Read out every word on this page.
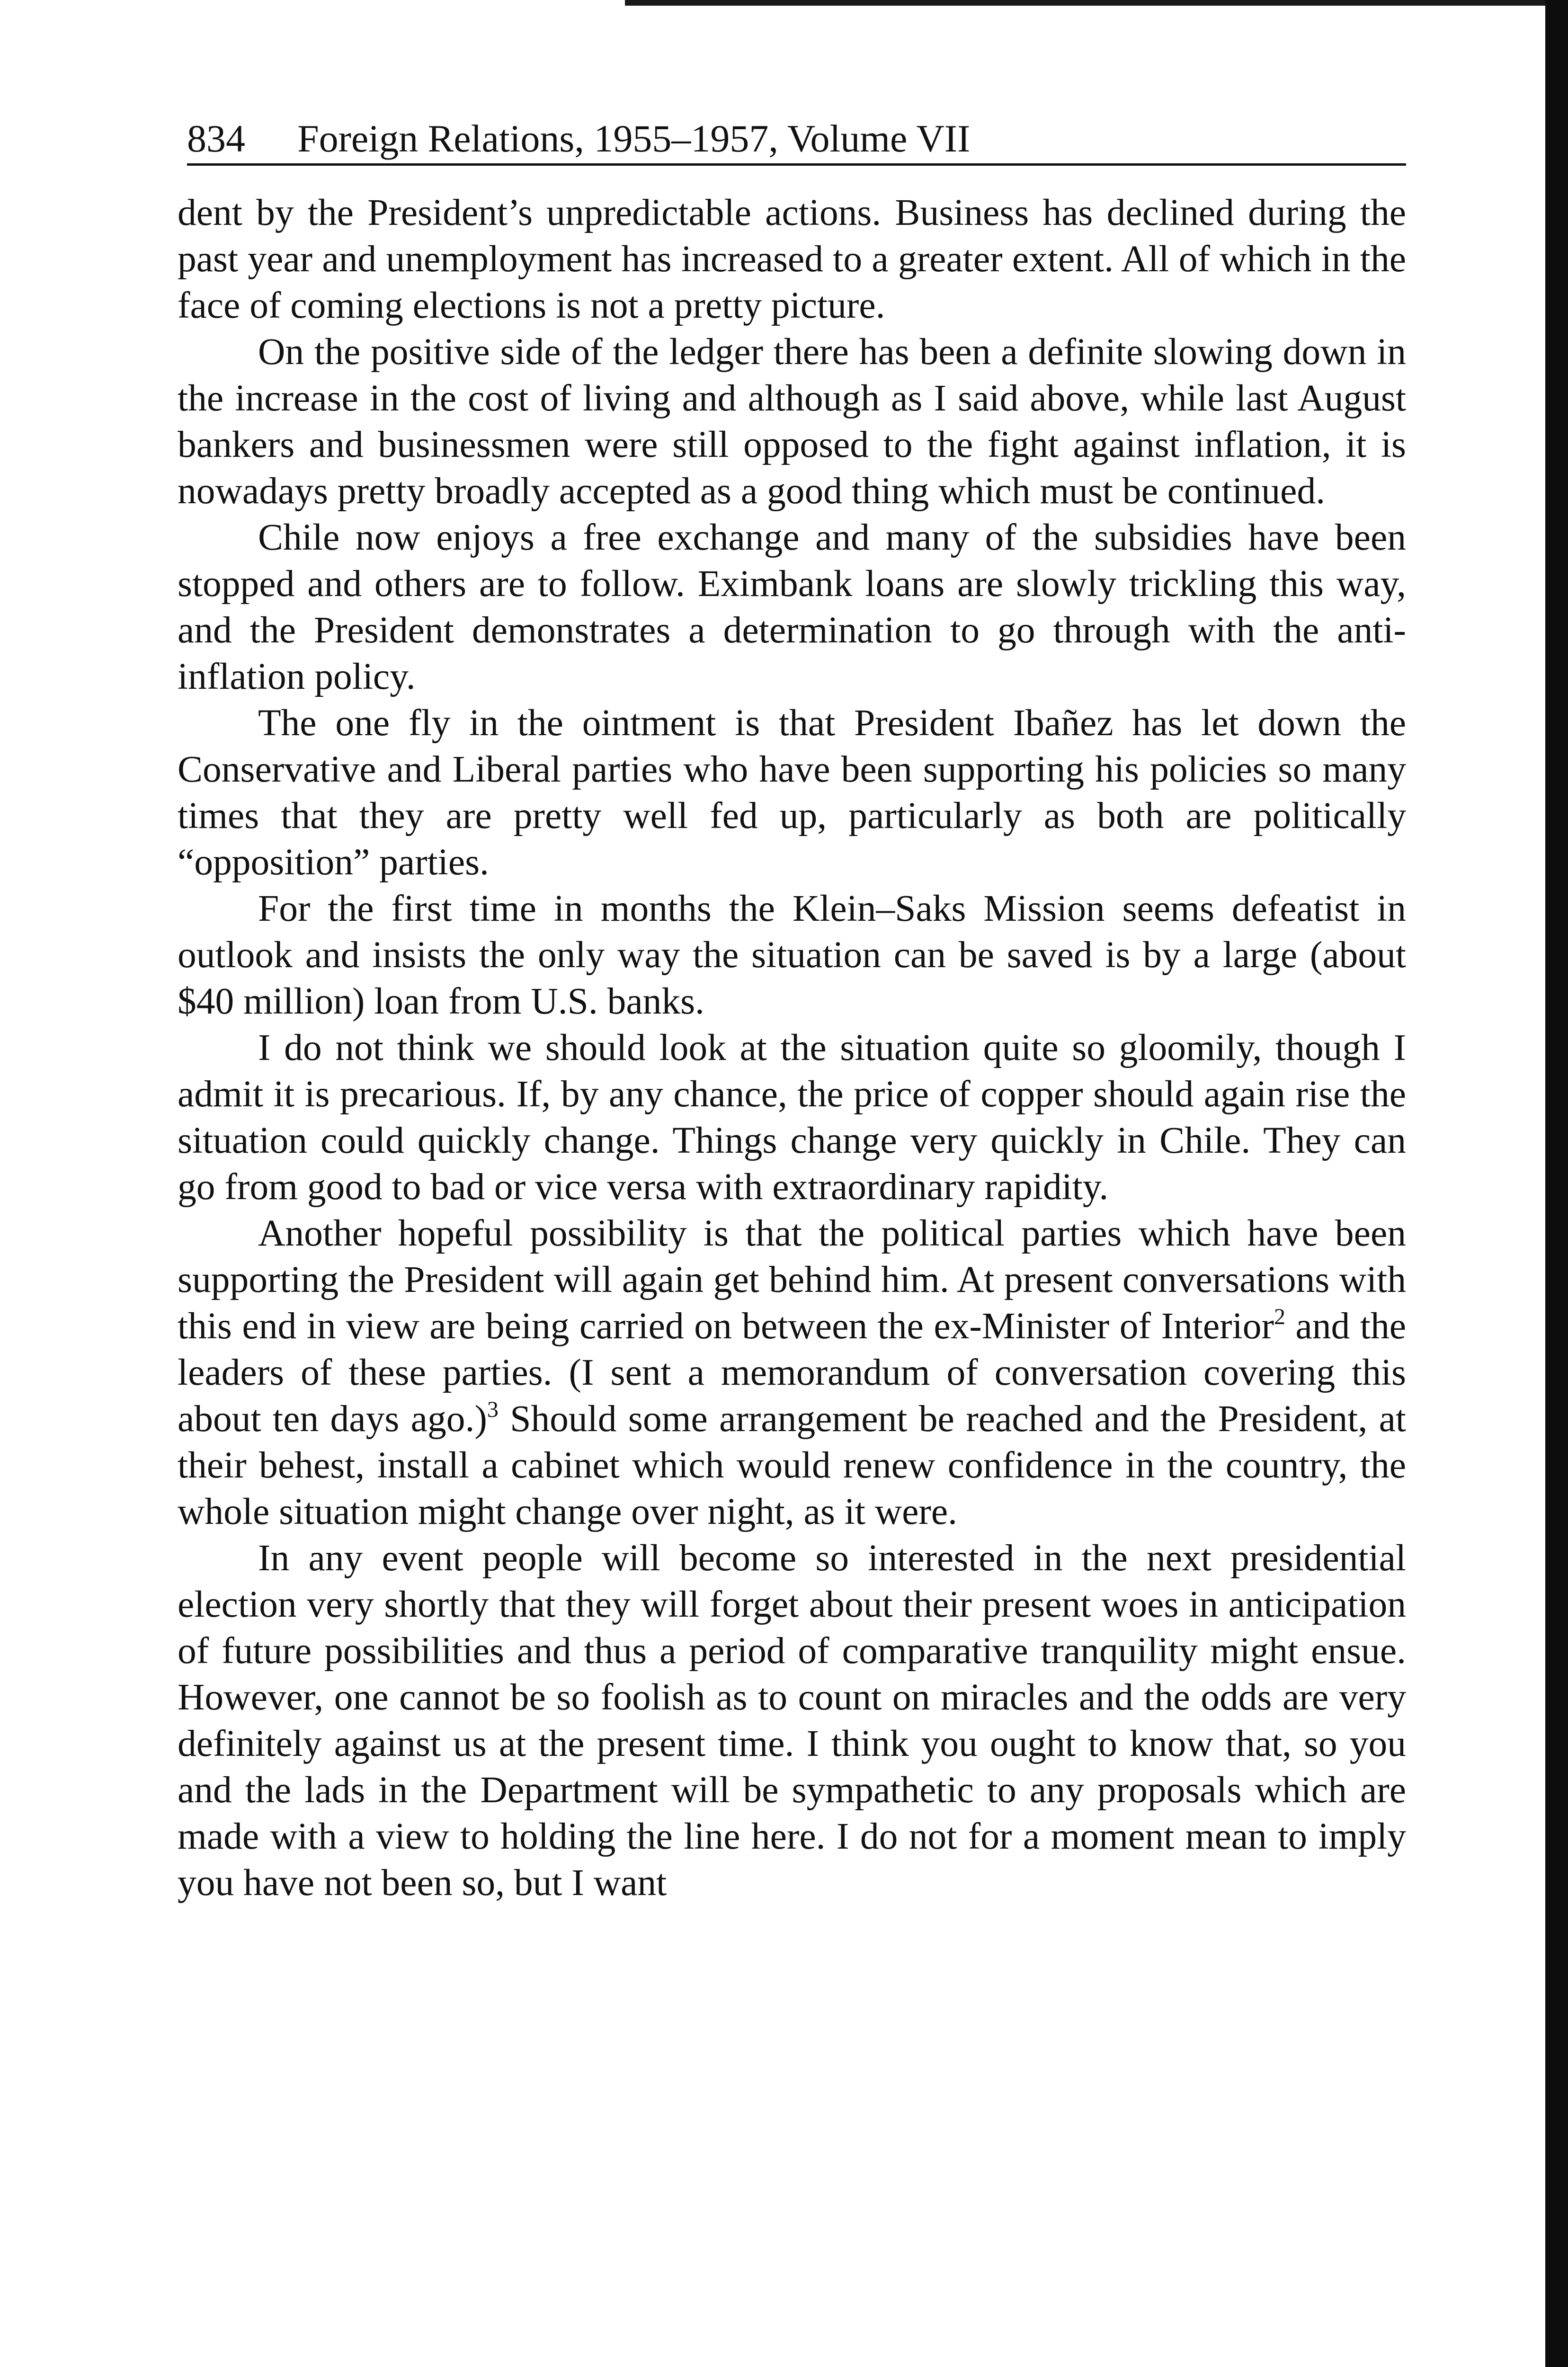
834 Foreign Relations, 1955–1957, Volume VII

dent by the President’s unpredictable actions. Business has declined during the past year and unemployment has increased to a greater extent. All of which in the face of coming elections is not a pretty picture.

On the positive side of the ledger there has been a definite slowing down in the increase in the cost of living and although as I said above, while last August bankers and businessmen were still opposed to the fight against inflation, it is nowadays pretty broadly accepted as a good thing which must be continued.

Chile now enjoys a free exchange and many of the subsidies have been stopped and others are to follow. Eximbank loans are slowly trickling this way, and the President demonstrates a determination to go through with the anti-inflation policy.

The one fly in the ointment is that President Ibañez has let down the Conservative and Liberal parties who have been supporting his policies so many times that they are pretty well fed up, particularly as both are politically “opposition” parties.

For the first time in months the Klein–Saks Mission seems defeatist in outlook and insists the only way the situation can be saved is by a large (about $40 million) loan from U.S. banks.

I do not think we should look at the situation quite so gloomily, though I admit it is precarious. If, by any chance, the price of copper should again rise the situation could quickly change. Things change very quickly in Chile. They can go from good to bad or vice versa with extraordinary rapidity.

Another hopeful possibility is that the political parties which have been supporting the President will again get behind him. At present conversations with this end in view are being carried on between the ex-Minister of Interior$^2$ and the leaders of these parties. (I sent a memorandum of conversation covering this about ten days ago.)$^3$ Should some arrangement be reached and the President, at their behest, install a cabinet which would renew confidence in the country, the whole situation might change over night, as it were.

In any event people will become so interested in the next presidential election very shortly that they will forget about their present woes in anticipation of future possibilities and thus a period of comparative tranquility might ensue. However, one cannot be so foolish as to count on miracles and the odds are very definitely against us at the present time. I think you ought to know that, so you and the lads in the Department will be sympathetic to any proposals which are made with a view to holding the line here. I do not for a moment mean to imply you have not been so, but I want
